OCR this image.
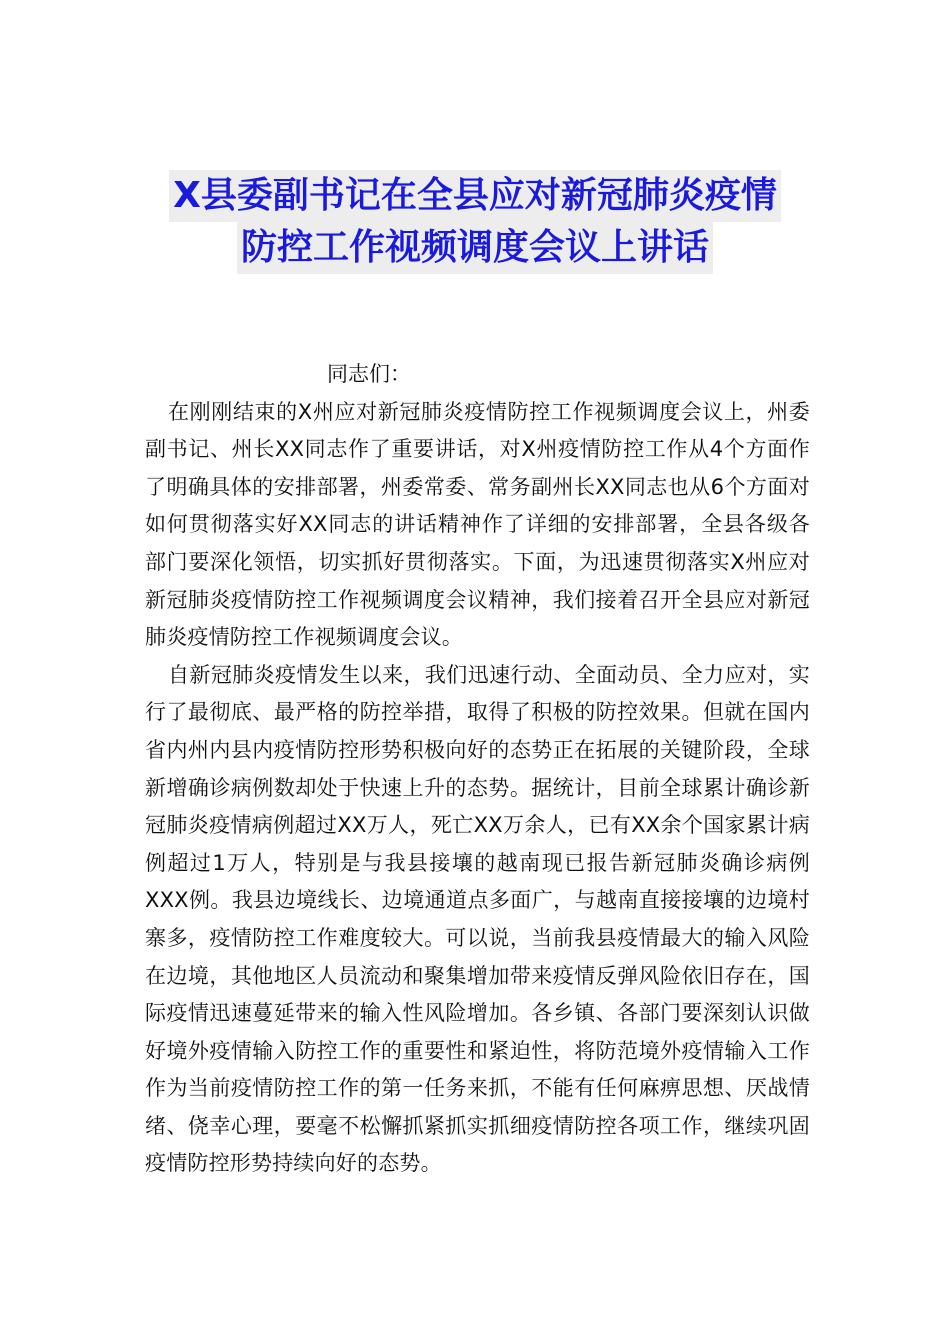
X县委副书记在全县应对新冠肺炎疫情
防控工作视频调度会议上讲话

同志们：

在刚刚结束的X州应对新冠肺炎疫情防控工作视频调度会议上，州委副书记、州长XX同志作了重要讲话，对X州疫情防控工作从4个方面作了明确具体的安排部署，州委常委、常务副州长XX同志也从6个方面对如何贯彻落实好XX同志的讲话精神作了详细的安排部署，全县各级各部门要深化领悟，切实抓好贯彻落实。下面，为迅速贯彻落实X州应对新冠肺炎疫情防控工作视频调度会议精神，我们接着召开全县应对新冠肺炎疫情防控工作视频调度会议。

自新冠肺炎疫情发生以来，我们迅速行动、全面动员、全力应对，实行了最彻底、最严格的防控举措，取得了积极的防控效果。但就在国内省内州内县内疫情防控形势积极向好的态势正在拓展的关键阶段，全球新增确诊病例数却处于快速上升的态势。据统计，目前全球累计确诊新冠肺炎疫情病例超过XX万人，死亡XX万余人，已有XX余个国家累计病例超过1万人，特别是与我县接壤的越南现已报告新冠肺炎确诊病例XXX例。我县边境线长、边境通道点多面广，与越南直接接壤的边境村寨多，疫情防控工作难度较大。可以说，当前我县疫情最大的输入风险在边境，其他地区人员流动和聚集增加带来疫情反弹风险依旧存在，国际疫情迅速蔓延带来的输入性风险增加。各乡镇、各部门要深刻认识做好境外疫情输入防控工作的重要性和紧迫性，将防范境外疫情输入工作作为当前疫情防控工作的第一任务来抓，不能有任何麻痹思想、厌战情绪、侥幸心理，要毫不松懈抓紧抓实抓细疫情防控各项工作，继续巩固疫情防控形势持续向好的态势。
